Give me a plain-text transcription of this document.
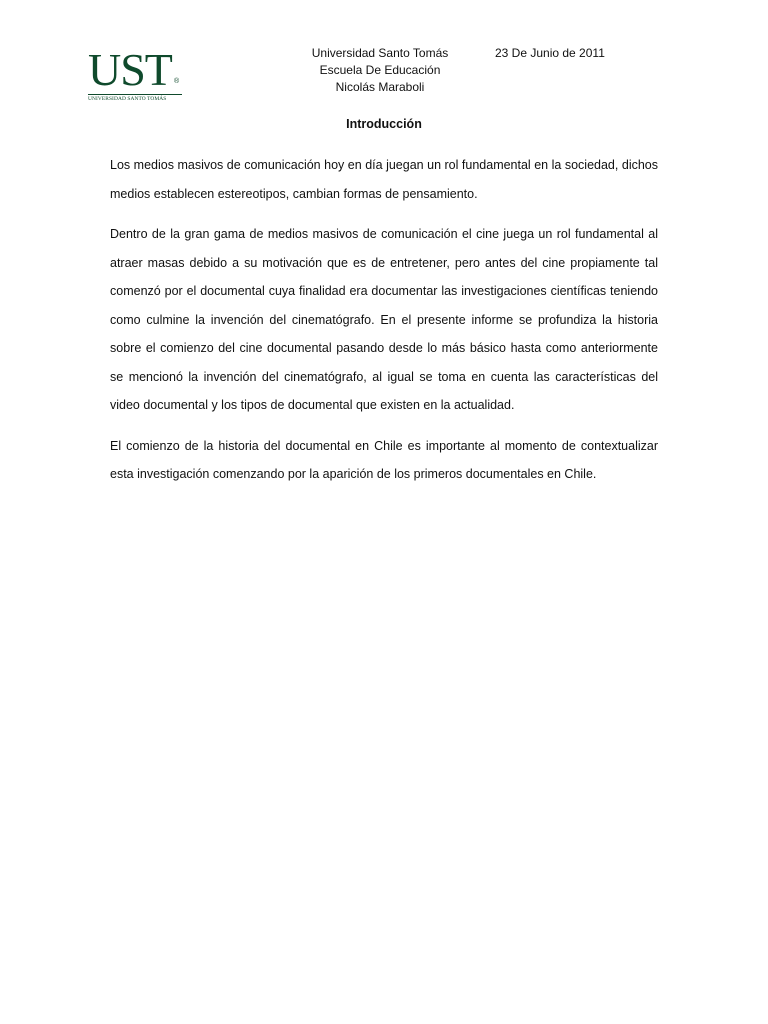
UST ®
UNIVERSIDAD SANTO TOMÁS
Universidad Santo Tomás
Escuela De Educación
Nicolás Maraboli
23 De Junio de 2011
Introducción

Los medios masivos de comunicación hoy en día juegan un rol fundamental en la sociedad, dichos medios establecen estereotipos, cambian formas de pensamiento.

Dentro de la gran gama de medios masivos de comunicación el cine juega un rol fundamental al atraer masas debido a su motivación que es de entretener, pero antes del cine propiamente tal comenzó por el documental cuya finalidad era documentar las investigaciones científicas teniendo como culmine la invención del cinematógrafo. En el presente informe se profundiza la historia sobre el comienzo del cine documental pasando desde lo más básico hasta como anteriormente se mencionó la invención del cinematógrafo, al igual se toma en cuenta las características del video documental y los tipos de documental que existen en la actualidad.

El comienzo de la historia del documental en Chile es importante al momento de contextualizar esta investigación comenzando por la aparición de los primeros documentales en Chile.
